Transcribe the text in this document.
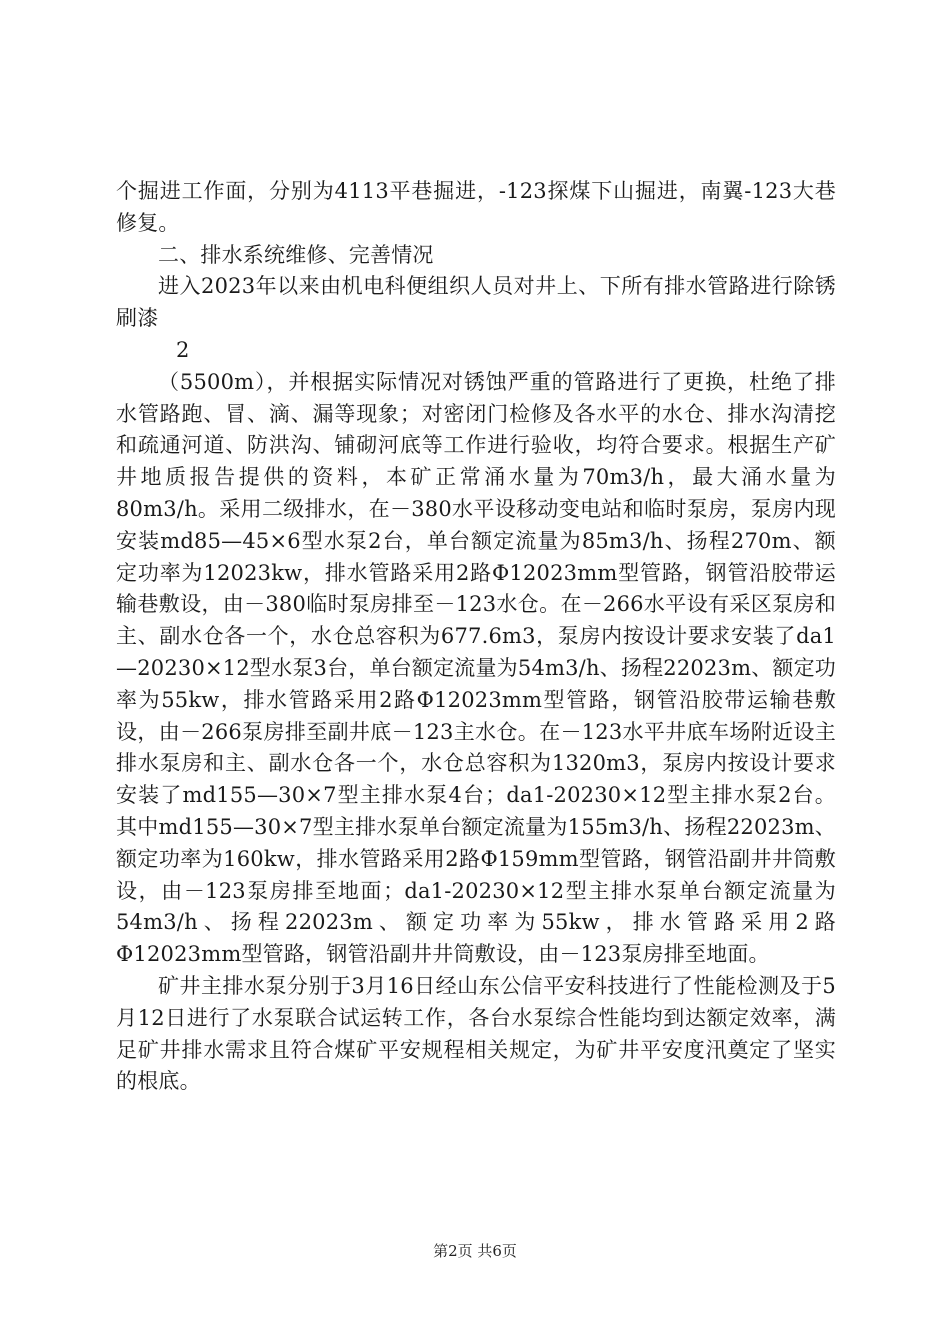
个掘进工作面，分别为4113平巷掘进，-123探煤下山掘进，南翼-123大巷修复。

二、排水系统维修、完善情况

进入2023年以来由机电科便组织人员对井上、下所有排水管路进行除锈刷漆

2

（5500m），并根据实际情况对锈蚀严重的管路进行了更换，杜绝了排水管路跑、冒、滴、漏等现象；对密闭门检修及各水平的水仓、排水沟清挖和疏通河道、防洪沟、铺砌河底等工作进行验收，均符合要求。根据生产矿井地质报告提供的资料，本矿正常涌水量为70m3/h，最大涌水量为80m3/h。采用二级排水，在－380水平设移动变电站和临时泵房，泵房内现安装md85—45×6型水泵2台，单台额定流量为85m3/h、扬程270m、额定功率为12023kw，排水管路采用2路Φ12023mm型管路，钢管沿胶带运输巷敷设，由－380临时泵房排至－123水仓。在－266水平设有采区泵房和主、副水仓各一个，水仓总容积为677.6m3，泵房内按设计要求安装了da1—20230×12型水泵3台，单台额定流量为54m3/h、扬程22023m、额定功率为55kw，排水管路采用2路Φ12023mm型管路，钢管沿胶带运输巷敷设，由－266泵房排至副井底－123主水仓。在－123水平井底车场附近设主排水泵房和主、副水仓各一个，水仓总容积为1320m3，泵房内按设计要求安装了md155—30×7型主排水泵4台；da1-20230×12型主排水泵2台。其中md155—30×7型主排水泵单台额定流量为155m3/h、扬程22023m、额定功率为160kw，排水管路采用2路Φ159mm型管路，钢管沿副井井筒敷设，由－123泵房排至地面；da1-20230×12型主排水泵单台额定流量为54m3/h、扬程22023m、额定功率为55kw，排水管路采用2路Φ12023mm型管路，钢管沿副井井筒敷设，由－123泵房排至地面。

矿井主排水泵分别于3月16日经山东公信平安科技进行了性能检测及于5月12日进行了水泵联合试运转工作，各台水泵综合性能均到达额定效率，满足矿井排水需求且符合煤矿平安规程相关规定，为矿井平安度汛奠定了坚实的根底。

第2页 共6页
